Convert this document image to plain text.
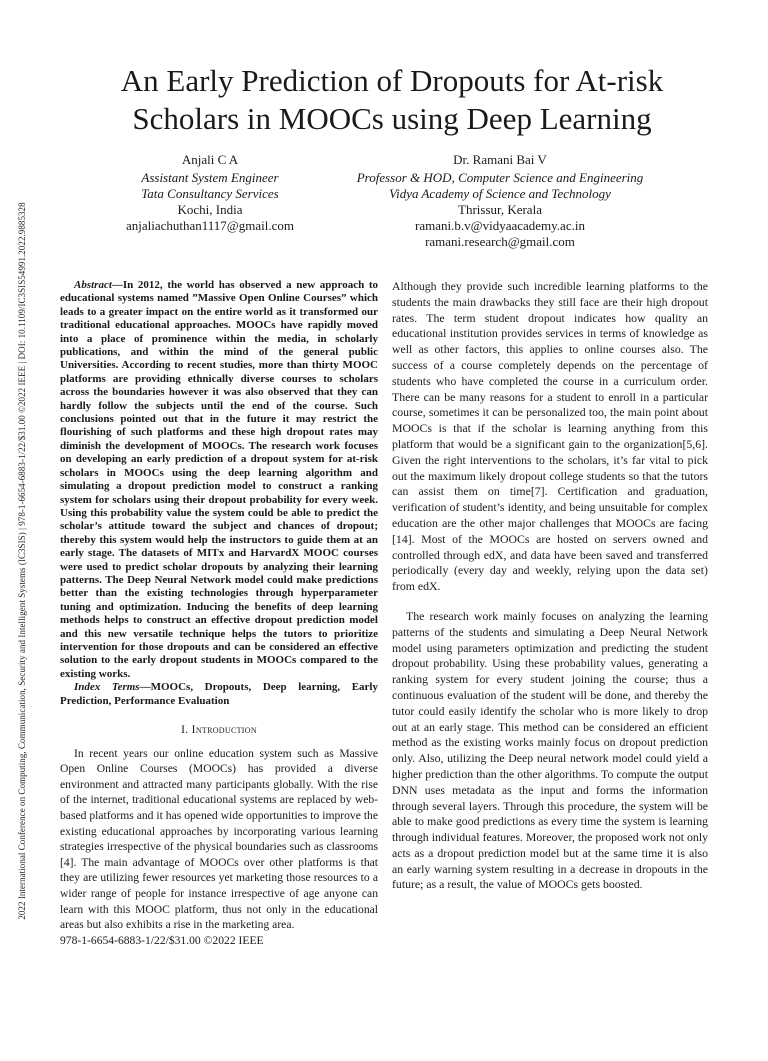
2022 International Conference on Computing, Communication, Security and Intelligent Systems (IC3SIS) | 978-1-6654-6883-1/22/$31.00 ©2022 IEEE | DOI: 10.1109/IC3SIS54991.2022.9885328
An Early Prediction of Dropouts for At-risk
Scholars in MOOCs using Deep Learning
Anjali C A
Assistant System Engineer
Tata Consultancy Services
Kochi, India
anjaliachuthan1117@gmail.com
Dr. Ramani Bai V
Professor & HOD, Computer Science and Engineering
Vidya Academy of Science and Technology
Thrissur, Kerala
ramani.b.v@vidyaacademy.ac.in
ramani.research@gmail.com

Abstract—In 2012, the world has observed a new approach to educational systems named ”Massive Open Online Courses” which leads to a greater impact on the entire world as it transformed our traditional educational approaches. MOOCs have rapidly moved into a place of prominence within the media, in scholarly publications, and within the mind of the general public Universities. According to recent studies, more than thirty MOOC platforms are providing ethnically diverse courses to scholars across the boundaries however it was also observed that they can hardly follow the subjects until the end of the course. Such conclusions pointed out that in the future it may restrict the flourishing of such platforms and these high dropout rates may diminish the development of MOOCs. The research work focuses on developing an early prediction of a dropout system for at-risk scholars in MOOCs using the deep learning algorithm and simulating a dropout prediction model to construct a ranking system for scholars using their dropout probability for every week. Using this probability value the system could be able to predict the scholar’s attitude toward the subject and chances of dropout; thereby this system would help the instructors to guide them at an early stage. The datasets of MITx and HarvardX MOOC courses were used to predict scholar dropouts by analyzing their learning patterns. The Deep Neural Network model could make predictions better than the existing technologies through hyperparameter tuning and optimization. Inducing the benefits of deep learning methods helps to construct an effective dropout prediction model and this new versatile technique helps the tutors to prioritize intervention for those dropouts and can be considered an effective solution to the early dropout students in MOOCs compared to the existing works.

Index Terms—MOOCs, Dropouts, Deep learning, Early Prediction, Performance Evaluation

I. Introduction

In recent years our online education system such as Massive Open Online Courses (MOOCs) has provided a diverse environment and attracted many participants globally. With the rise of the internet, traditional educational systems are replaced by web-based platforms and it has opened wide opportunities to improve the existing educational approaches by incorporating various learning strategies irrespective of the physical boundaries such as classrooms [4]. The main advantage of MOOCs over other platforms is that they are utilizing fewer resources yet marketing those resources to a wider range of people for instance irrespective of age anyone can learn with this MOOC platform, thus not only in the educational areas but also exhibits a rise in the marketing area.

Although they provide such incredible learning platforms to the students the main drawbacks they still face are their high dropout rates. The term student dropout indicates how quality an educational institution provides services in terms of knowledge as well as other factors, this applies to online courses also. The success of a course completely depends on the percentage of students who have completed the course in a curriculum order. There can be many reasons for a student to enroll in a particular course, sometimes it can be personalized too, the main point about MOOCs is that if the scholar is learning anything from this platform that would be a significant gain to the organization[5,6]. Given the right interventions to the scholars, it’s far vital to pick out the maximum likely dropout college students so that the tutors can assist them on time[7]. Certification and graduation, verification of student’s identity, and being unsuitable for complex education are the other major challenges that MOOCs are facing [14]. Most of the MOOCs are hosted on servers owned and controlled through edX, and data have been saved and transferred periodically (every day and weekly, relying upon the data set) from edX.

The research work mainly focuses on analyzing the learning patterns of the students and simulating a Deep Neural Network model using parameters optimization and predicting the student dropout probability. Using these probability values, generating a ranking system for every student joining the course; thus a continuous evaluation of the student will be done, and thereby the tutor could easily identify the scholar who is more likely to drop out at an early stage. This method can be considered an efficient method as the existing works mainly focus on dropout prediction only. Also, utilizing the Deep neural network model could yield a higher prediction than the other algorithms. To compute the output DNN uses metadata as the input and forms the information through several layers. Through this procedure, the system will be able to make good predictions as every time the system is learning through individual features. Moreover, the proposed work not only acts as a dropout prediction model but at the same time it is also an early warning system resulting in a decrease in dropouts in the future; as a result, the value of MOOCs gets boosted.

978-1-6654-6883-1/22/$31.00 ©2022 IEEE
